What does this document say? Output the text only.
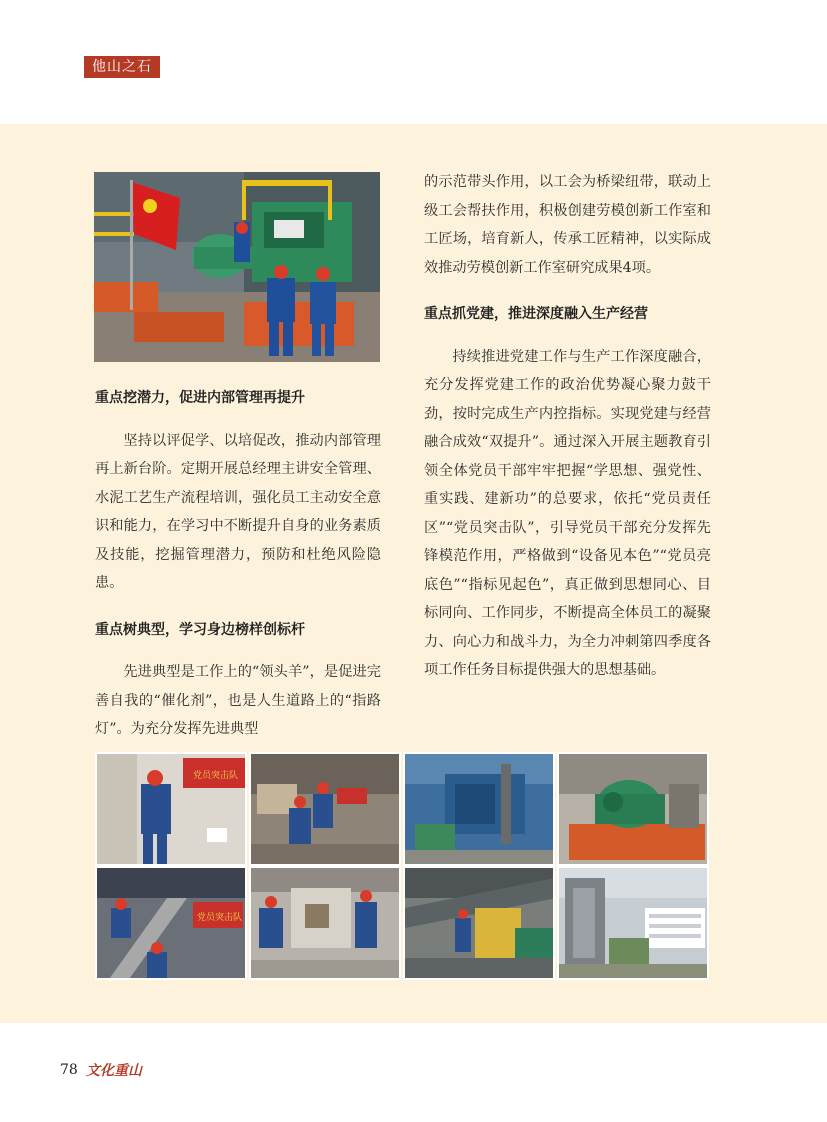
他山之石
重点挖潜力，促进内部管理再提升

坚持以评促学、以培促改，推动内部管理再上新台阶。定期开展总经理主讲安全管理、水泥工艺生产流程培训，强化员工主动安全意识和能力，在学习中不断提升自身的业务素质及技能，挖掘管理潜力，预防和杜绝风险隐患。

重点树典型，学习身边榜样创标杆

先进典型是工作上的“领头羊”，是促进完善自我的“催化剂”，也是人生道路上的“指路灯”。为充分发挥先进典型

的示范带头作用，以工会为桥梁纽带，联动上级工会帮扶作用，积极创建劳模创新工作室和工匠场，培育新人，传承工匠精神，以实际成效推动劳模创新工作室研究成果4项。

重点抓党建，推进深度融入生产经营

持续推进党建工作与生产工作深度融合，充分发挥党建工作的政治优势凝心聚力鼓干劲，按时完成生产内控指标。实现党建与经营融合成效“双提升”。通过深入开展主题教育引领全体党员干部牢牢把握“学思想、强党性、重实践、建新功”的总要求，依托“党员责任区”“党员突击队”，引导党员干部充分发挥先锋模范作用，严格做到“设备见本色”“党员亮底色”“指标见起色”，真正做到思想同心、目标同向、工作同步，不断提高全体员工的凝聚力、向心力和战斗力，为全力冲刺第四季度各项工作任务目标提供强大的思想基础。

党员突击队
党员突击队
78 文化重山
